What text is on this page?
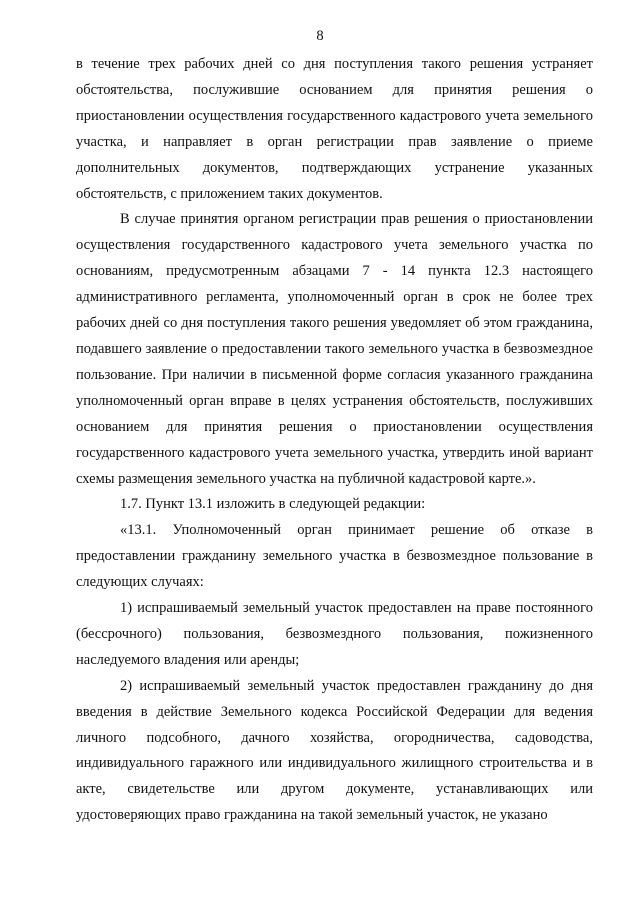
8

в течение трех рабочих дней со дня поступления такого решения устраняет обстоятельства, послужившие основанием для принятия решения о приостановлении осуществления государственного кадастрового учета земельного участка, и направляет в орган регистрации прав заявление о приеме дополнительных документов, подтверждающих устранение указанных обстоятельств, с приложением таких документов.

В случае принятия органом регистрации прав решения о приостановлении осуществления государственного кадастрового учета земельного участка по основаниям, предусмотренным абзацами 7 - 14 пункта 12.3 настоящего административного регламента, уполномоченный орган в срок не более трех рабочих дней со дня поступления такого решения уведомляет об этом гражданина, подавшего заявление о предоставлении такого земельного участка в безвозмездное пользование. При наличии в письменной форме согласия указанного гражданина уполномоченный орган вправе в целях устранения обстоятельств, послуживших основанием для принятия решения о приостановлении осуществления государственного кадастрового учета земельного участка, утвердить иной вариант схемы размещения земельного участка на публичной кадастровой карте.».

1.7. Пункт 13.1 изложить в следующей редакции:

«13.1. Уполномоченный орган принимает решение об отказе в предоставлении гражданину земельного участка в безвозмездное пользование в следующих случаях:

1) испрашиваемый земельный участок предоставлен на праве постоянного (бессрочного) пользования, безвозмездного пользования, пожизненного наследуемого владения или аренды;

2) испрашиваемый земельный участок предоставлен гражданину до дня введения в действие Земельного кодекса Российской Федерации для ведения личного подсобного, дачного хозяйства, огородничества, садоводства, индивидуального гаражного или индивидуального жилищного строительства и в акте, свидетельстве или другом документе, устанавливающих или удостоверяющих право гражданина на такой земельный участок, не указано
